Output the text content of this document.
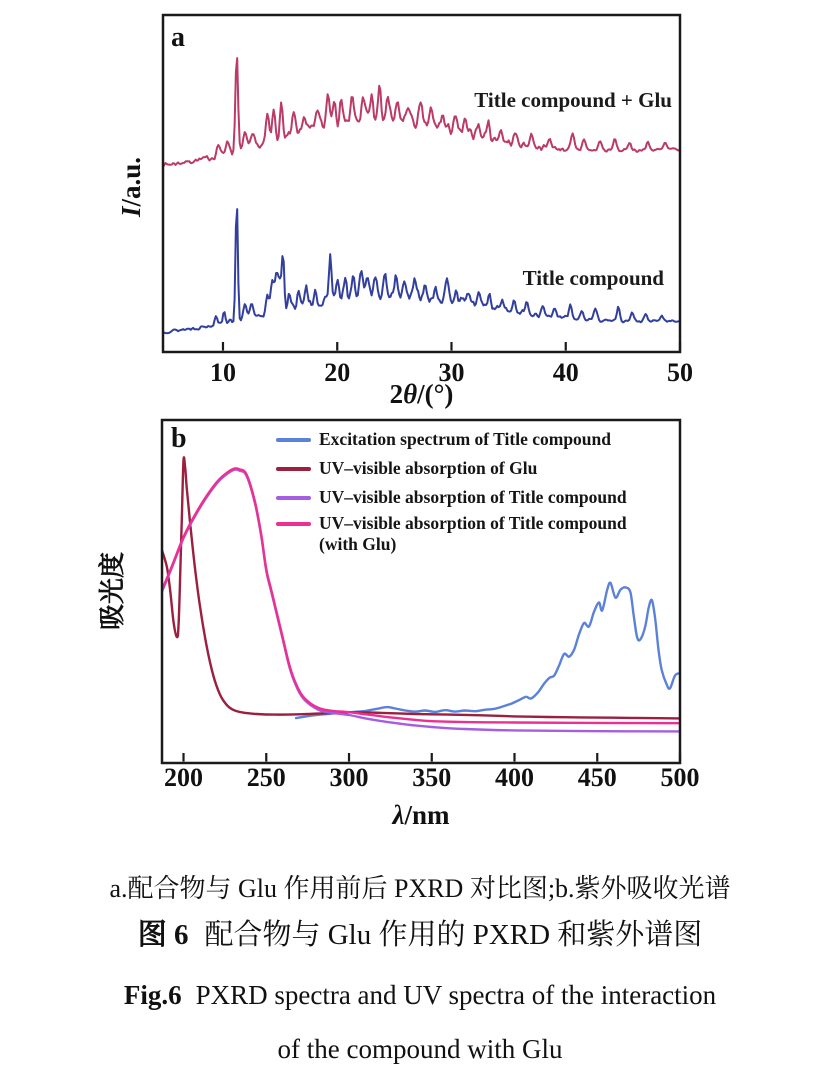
10	20	30	40	50
2θ/(°)
I/a.u.
a
Title compound + Glu
Title compound
200 250 300 350 400 450 500
λ/nm
吸光度
b	Excitation spectrum of Title compound
UV–visible absorption of Glu
UV–visible absorption of Title compound
UV–visible absorption of Title compound
(with Glu)
a.配合物与 Glu 作用前后 PXRD 对比图;b.紫外吸收光谱
图 6 配合物与 Glu 作用的 PXRD 和紫外谱图
Fig.6 PXRD spectra and UV spectra of the interaction
of the compound with Glu
